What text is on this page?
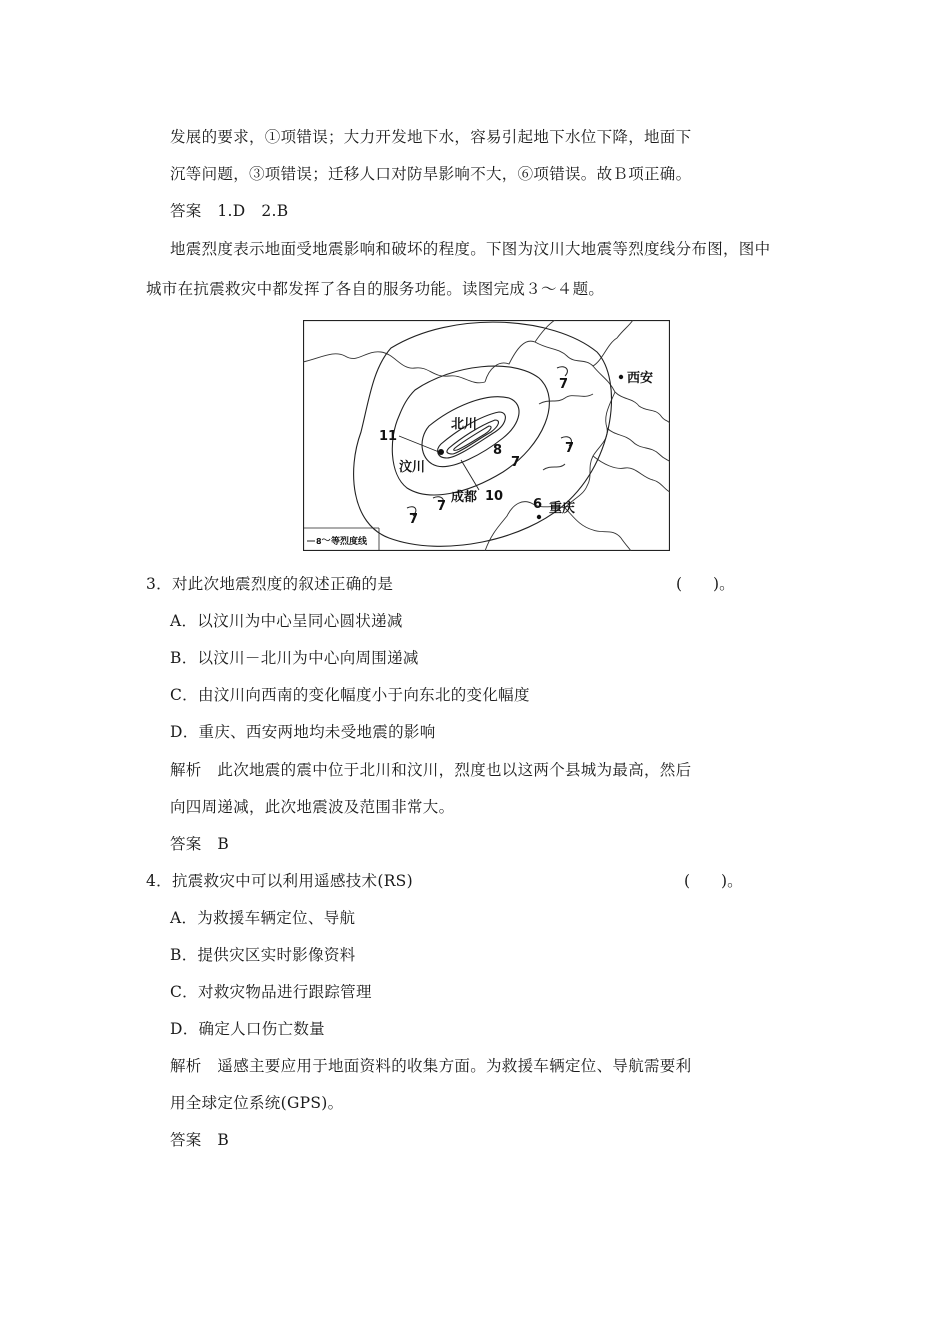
发展的要求，①项错误；大力开发地下水，容易引起地下水位下降，地面下
沉等问题，③项错误；迁移人口对防旱影响不大，⑥项错误。故Ｂ项正确。
答案　1.D　2.B
地震烈度表示地面受地震影响和破坏的程度。下图为汶川大地震等烈度线分布图，图中
城市在抗震救灾中都发挥了各自的服务功能。读图完成３～４题。
西安
北川
汶川
成都
重庆
11
10
8
7
7
7
7
7
6
8 等烈度线
3．对此次地震烈度的叙述正确的是	(　　)。
A．以汶川为中心呈同心圆状递减
B．以汶川－北川为中心向周围递减
C．由汶川向西南的变化幅度小于向东北的变化幅度
D．重庆、西安两地均未受地震的影响
解析　此次地震的震中位于北川和汶川，烈度也以这两个县城为最高，然后
向四周递减，此次地震波及范围非常大。
答案　B
4．抗震救灾中可以利用遥感技术(RS)	(　　)。
A．为救援车辆定位、导航
B．提供灾区实时影像资料
C．对救灾物品进行跟踪管理
D．确定人口伤亡数量
解析　遥感主要应用于地面资料的收集方面。为救援车辆定位、导航需要利
用全球定位系统(GPS)。
答案　B
